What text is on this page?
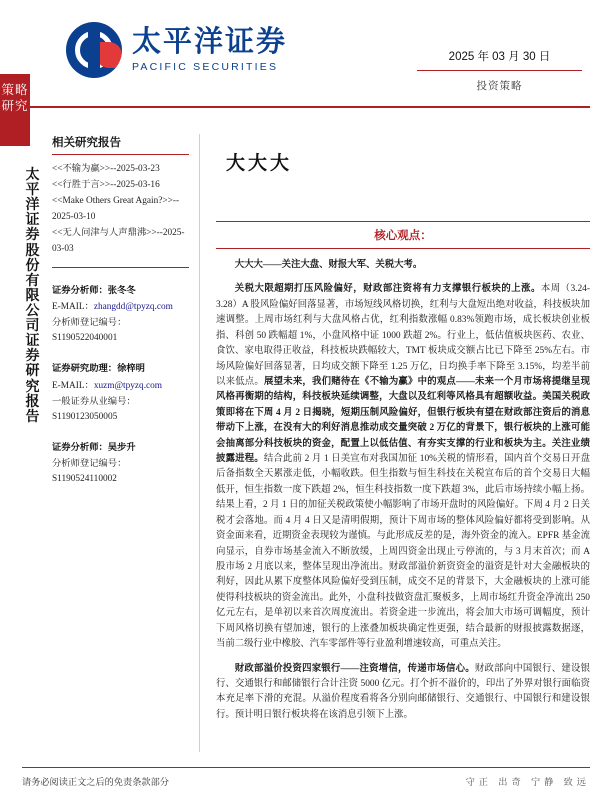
太平洋证券
PACIFIC SECURITIES
2025 年 03 月 30 日
投资策略
策略
研究
太平洋证券股份有限公司证券研究报告
相关研究报告
<<不输为赢>>--2025-03-23
<<行胜于言>>--2025-03-16
<<Make Others Great Again?>>--
2025-03-10
<<无人问津与人声鼎沸>>--2025-
03-03
证券分析师：张冬冬
E-MAIL：zhangdd@tpyzq.com
分析师登记编号：S1190522040001
证券研究助理：徐梓明
E-MAIL：xuzm@tpyzq.com
一般证券从业编号：S1190123050005
证券分析师：吴步升
分析师登记编号：S1190524110002
大大大
核心观点：
大大大——关注大盘、财报大军、关税大考。
关税大限超期打压风险偏好，财政部注资将有力支撑银行板块的上涨。本周（3.24-3.28）A 股风险偏好回落显著，市场短线风格切换，红利与大盘短出绝对收益，科技板块加速调整。上周市场红利与大盘风格占优，红利指数涨幅 0.83%领跑市场，成长板块创业板指、科创 50 跌幅超 1%，小盘风格中证 1000 跌超 2%。行业上，低估值板块医药、农业、食饮、家电取得正收益，科技板块跌幅较大，TMT 板块成交额占比已下降至 25%左右。市场风险偏好回落显著，日均成交额下降至 1.25 万亿，日均换手率下降至 3.15%，均差半前以来低点。展望未来，我们赌待在《不输为赢》中的观点——未来一个月市场将提继呈现风格再衡期的结构，科技板块延续调整，大盘以及红利等风格具有超额收益。美国关税政策即将在下周 4 月 2 日揭晓，短期压制风险偏好，但银行板块有望在财政部注资后的消息带动下上涨，在没有大的利好消息推动成交量突破 2 万亿的背景下，银行板块的上涨可能会抽离部分科技板块的资金，配置上以低估值、有夯实支撑的行业和板块为主。关注业绩披露进程。结合此前 2 月 1 日美宣布对我国加征 10%关税的情形看，国内首个交易日开盘后备指数全天累涨走低，小幅收跌。但生指数与恒生科技在关税宣布后的首个交易日大幅低开，恒生指数一度下跌超 2%，恒生科技指数一度下跌超 3%，此后市场持续小幅上扬。结果上看，2 月 1 日的加征关税政策使小幅影响了市场开盘时的风险偏好。下周 4 月 2 日关税才会落地。而 4 月 4 日又是清明假期，预计下周市场的整体风险偏好都将受到影响。从资金面来看，近期资金表现较为谨慎。与此形成反差的是，海外资金的流入。EPFR 基金流向显示，自券市场基金流入不断放缓，上周四资金出现止亏停流的，与 3 月末首次；而 A 股市场 2 月底以来，整体呈现出净流出。财政部溢价新资资金的溢资是针对大金融板块的利好，因此从累下度整体风险偏好受到压制，成交不足的背景下，大金融板块的上涨可能使得科技板块的资金流出。此外，小盘科技做资盘汇聚板多，上周市场红升资金净流出 250 亿元左右，是单初以来首次周度流出。若资金进一步流出，将会加大市场可调幅度，预计下周风格切换有望加速，银行的上涨叠加板块确定性更强，结合最新的财报披露数据逐，当前二级行业中橡胶、汽车零部件等行业盈利增速较高，可重点关注。
财政部溢价投资四家银行——注资增信，传递市场信心。财政部向中国银行、建设银行、交通银行和邮储银行合计注资 5000 亿元。打个折不溢价的，印出了外界对银行面临资本充足率下滑的充混。从溢价程度看将各分别向邮储银行、交通银行、中国银行和建设银行。预计明日银行板块将在该消息引领下上涨。
请务必阅读正文之后的免责条款部分	守正 出奇 宁静 致远
